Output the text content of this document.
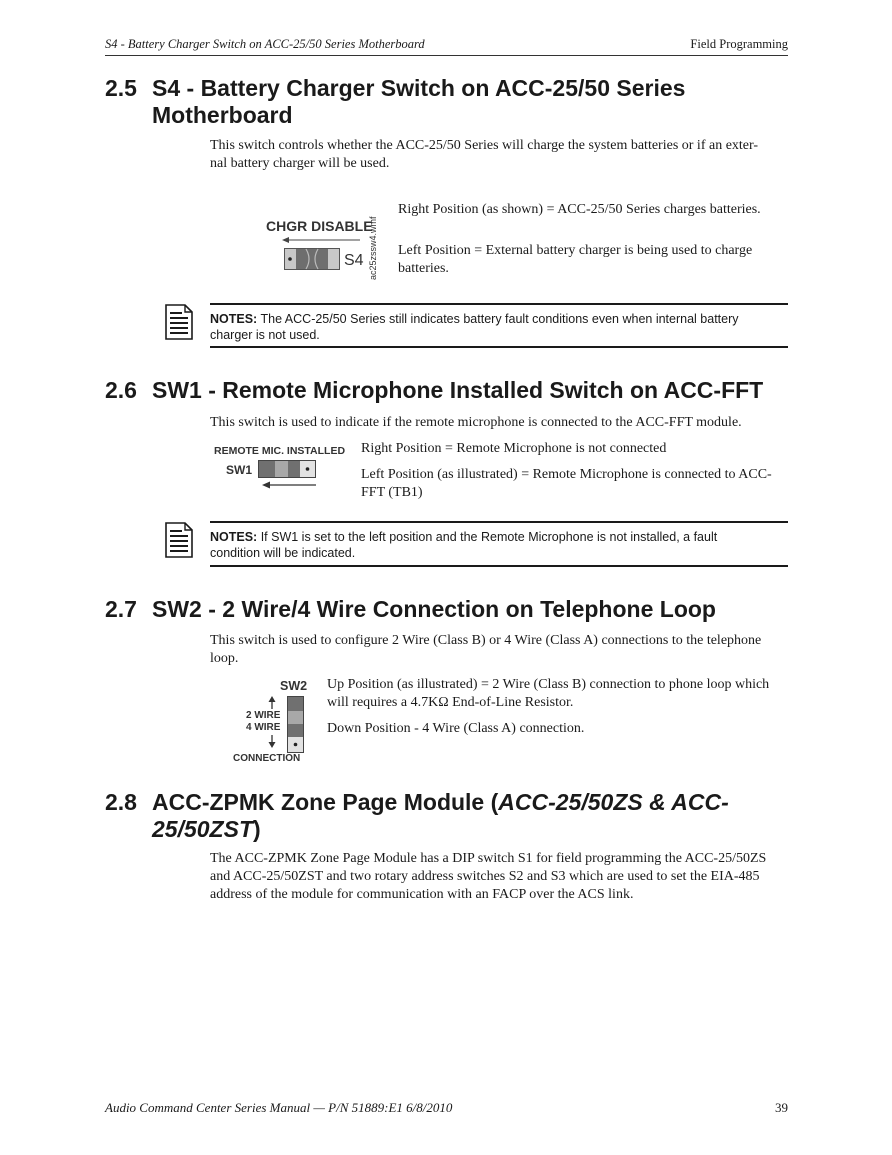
S4 - Battery Charger Switch on ACC-25/50 Series Motherboard	Field Programming
2.5 S4 - Battery Charger Switch on ACC-25/50 Series
Motherboard
This switch controls whether the ACC-25/50 Series will charge the system batteries or if an exter-
nal battery charger will be used.
CHGR DISABLE
S4 ac25zssw4.wmf
Right Position (as shown) = ACC-25/50 Series charges batteries.
Left Position = External battery charger is being used to charge
batteries.
NOTES: The ACC-25/50 Series still indicates battery fault conditions even when internal battery
charger is not used.
2.6 SW1 - Remote Microphone Installed Switch on ACC-FFT
This switch is used to indicate if the remote microphone is connected to the ACC-FFT module.
REMOTE MIC. INSTALLED
SW1
Right Position = Remote Microphone is not connected
Left Position (as illustrated) = Remote Microphone is connected to ACC-
FFT (TB1)
NOTES: If SW1 is set to the left position and the Remote Microphone is not installed, a fault
condition will be indicated.
2.7 SW2 - 2 Wire/4 Wire Connection on Telephone Loop
This switch is used to configure 2 Wire (Class B) or 4 Wire (Class A) connections to the telephone
loop.
SW2
2 WIRE
4 WIRE
CONNECTION
Up Position (as illustrated) = 2 Wire (Class B) connection to phone loop which
will requires a 4.7KΩ End-of-Line Resistor.
Down Position - 4 Wire (Class A) connection.
2.8 ACC-ZPMK Zone Page Module (ACC-25/50ZS & ACC-
25/50ZST)
The ACC-ZPMK Zone Page Module has a DIP switch S1 for field programming the ACC-25/50ZS
and ACC-25/50ZST and two rotary address switches S2 and S3 which are used to set the EIA-485
address of the module for communication with an FACP over the ACS link.
Audio Command Center Series Manual — P/N 51889:E1 6/8/2010	39
